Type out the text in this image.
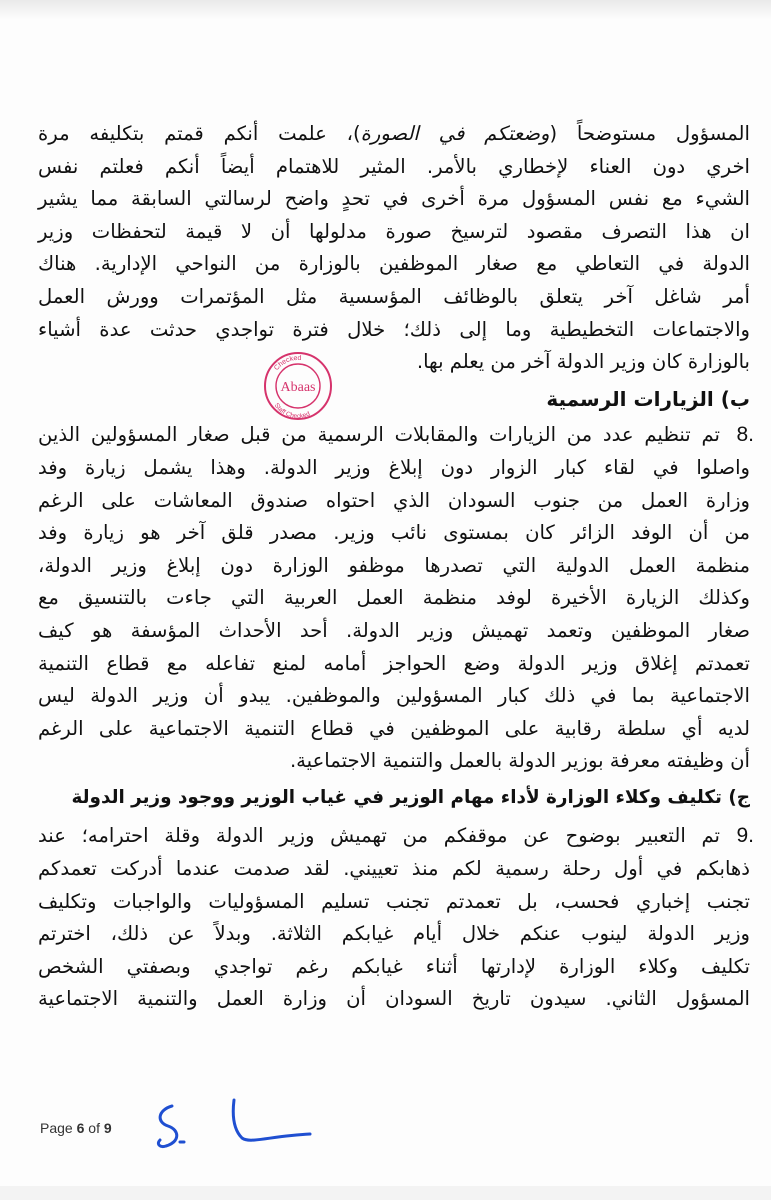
المسؤول مستوضحاً (وضعتكم في الصورة)، علمت أنكم قمتم بتكليفه مرة
اخري دون العناء لإخطاري بالأمر. المثير للاهتمام أيضاً أنكم فعلتم نفس
الشيء مع نفس المسؤول مرة أخرى في تحدٍ واضح لرسالتي السابقة مما يشير
ان هذا التصرف مقصود لترسيخ صورة مدلولها أن لا قيمة لتحفظات وزير
الدولة في التعاطي مع صغار الموظفين بالوزارة من النواحي الإدارية. هناك
أمر شاغل آخر يتعلق بالوظائف المؤسسية مثل المؤتمرات وورش العمل
والاجتماعات التخطيطية وما إلى ذلك؛ خلال فترة تواجدي حدثت عدة أشياء
بالوزارة كان وزير الدولة آخر من يعلم بها.
ب) الزيارات الرسمية
8.
تم تنظيم عدد من الزيارات والمقابلات الرسمية من قبل صغار المسؤولين الذين
واصلوا في لقاء كبار الزوار دون إبلاغ وزير الدولة. وهذا يشمل زيارة وفد
وزارة العمل من جنوب السودان الذي احتواه صندوق المعاشات على الرغم
من أن الوفد الزائر كان بمستوى نائب وزير. مصدر قلق آخر هو زيارة وفد
منظمة العمل الدولية التي تصدرها موظفو الوزارة دون إبلاغ وزير الدولة،
وكذلك الزيارة الأخيرة لوفد منظمة العمل العربية التي جاءت بالتنسيق مع
صغار الموظفين وتعمد تهميش وزير الدولة. أحد الأحداث المؤسفة هو كيف
تعمدتم إغلاق وزير الدولة وضع الحواجز أمامه لمنع تفاعله مع قطاع التنمية
الاجتماعية بما في ذلك كبار المسؤولين والموظفين. يبدو أن وزير الدولة ليس
لديه أي سلطة رقابية على الموظفين في قطاع التنمية الاجتماعية على الرغم
أن وظيفته معرفة بوزير الدولة بالعمل والتنمية الاجتماعية.
ج) تكليف وكلاء الوزارة لأداء مهام الوزير في غياب الوزير ووجود وزير الدولة
9.
تم التعبير بوضوح عن موقفكم من تهميش وزير الدولة وقلة احترامه؛ عند
ذهابكم في أول رحلة رسمية لكم منذ تعييني. لقد صدمت عندما أدركت تعمدكم
تجنب إخباري فحسب، بل تعمدتم تجنب تسليم المسؤوليات والواجبات وتكليف
وزير الدولة لينوب عنكم خلال أيام غيابكم الثلاثة. وبدلاً عن ذلك، اخترتم
تكليف وكلاء الوزارة لإدارتها أثناء غيابكم رغم تواجدي وبصفتي الشخص
المسؤول الثاني. سيدون تاريخ السودان أن وزارة العمل والتنمية الاجتماعية
Checked
Staff Checked
Abaas
Page 6 of 9
